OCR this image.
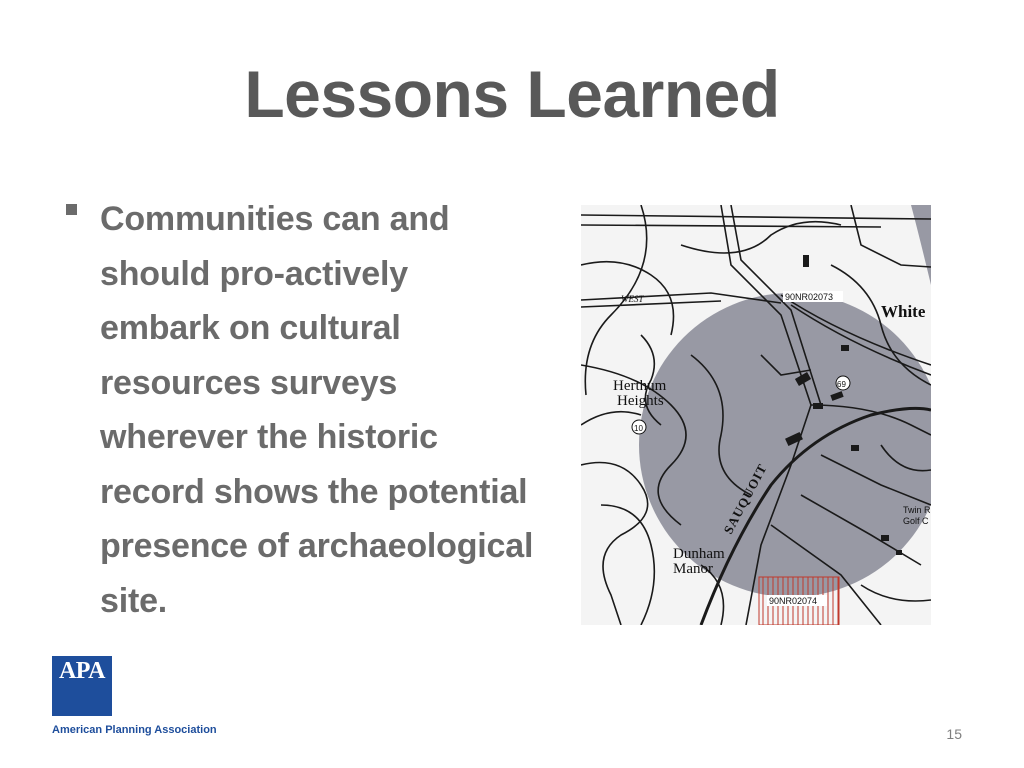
Lessons Learned
Communities can and should pro-actively embark on cultural resources surveys wherever the historic record shows the potential presence of archaeological site.
90NR02073
90NR02074
Herthum
Heights
Dunham
Manor
White
WEST
Twin R
Golf C
SAUQUOIT
69
10
APA
American Planning Association	15
